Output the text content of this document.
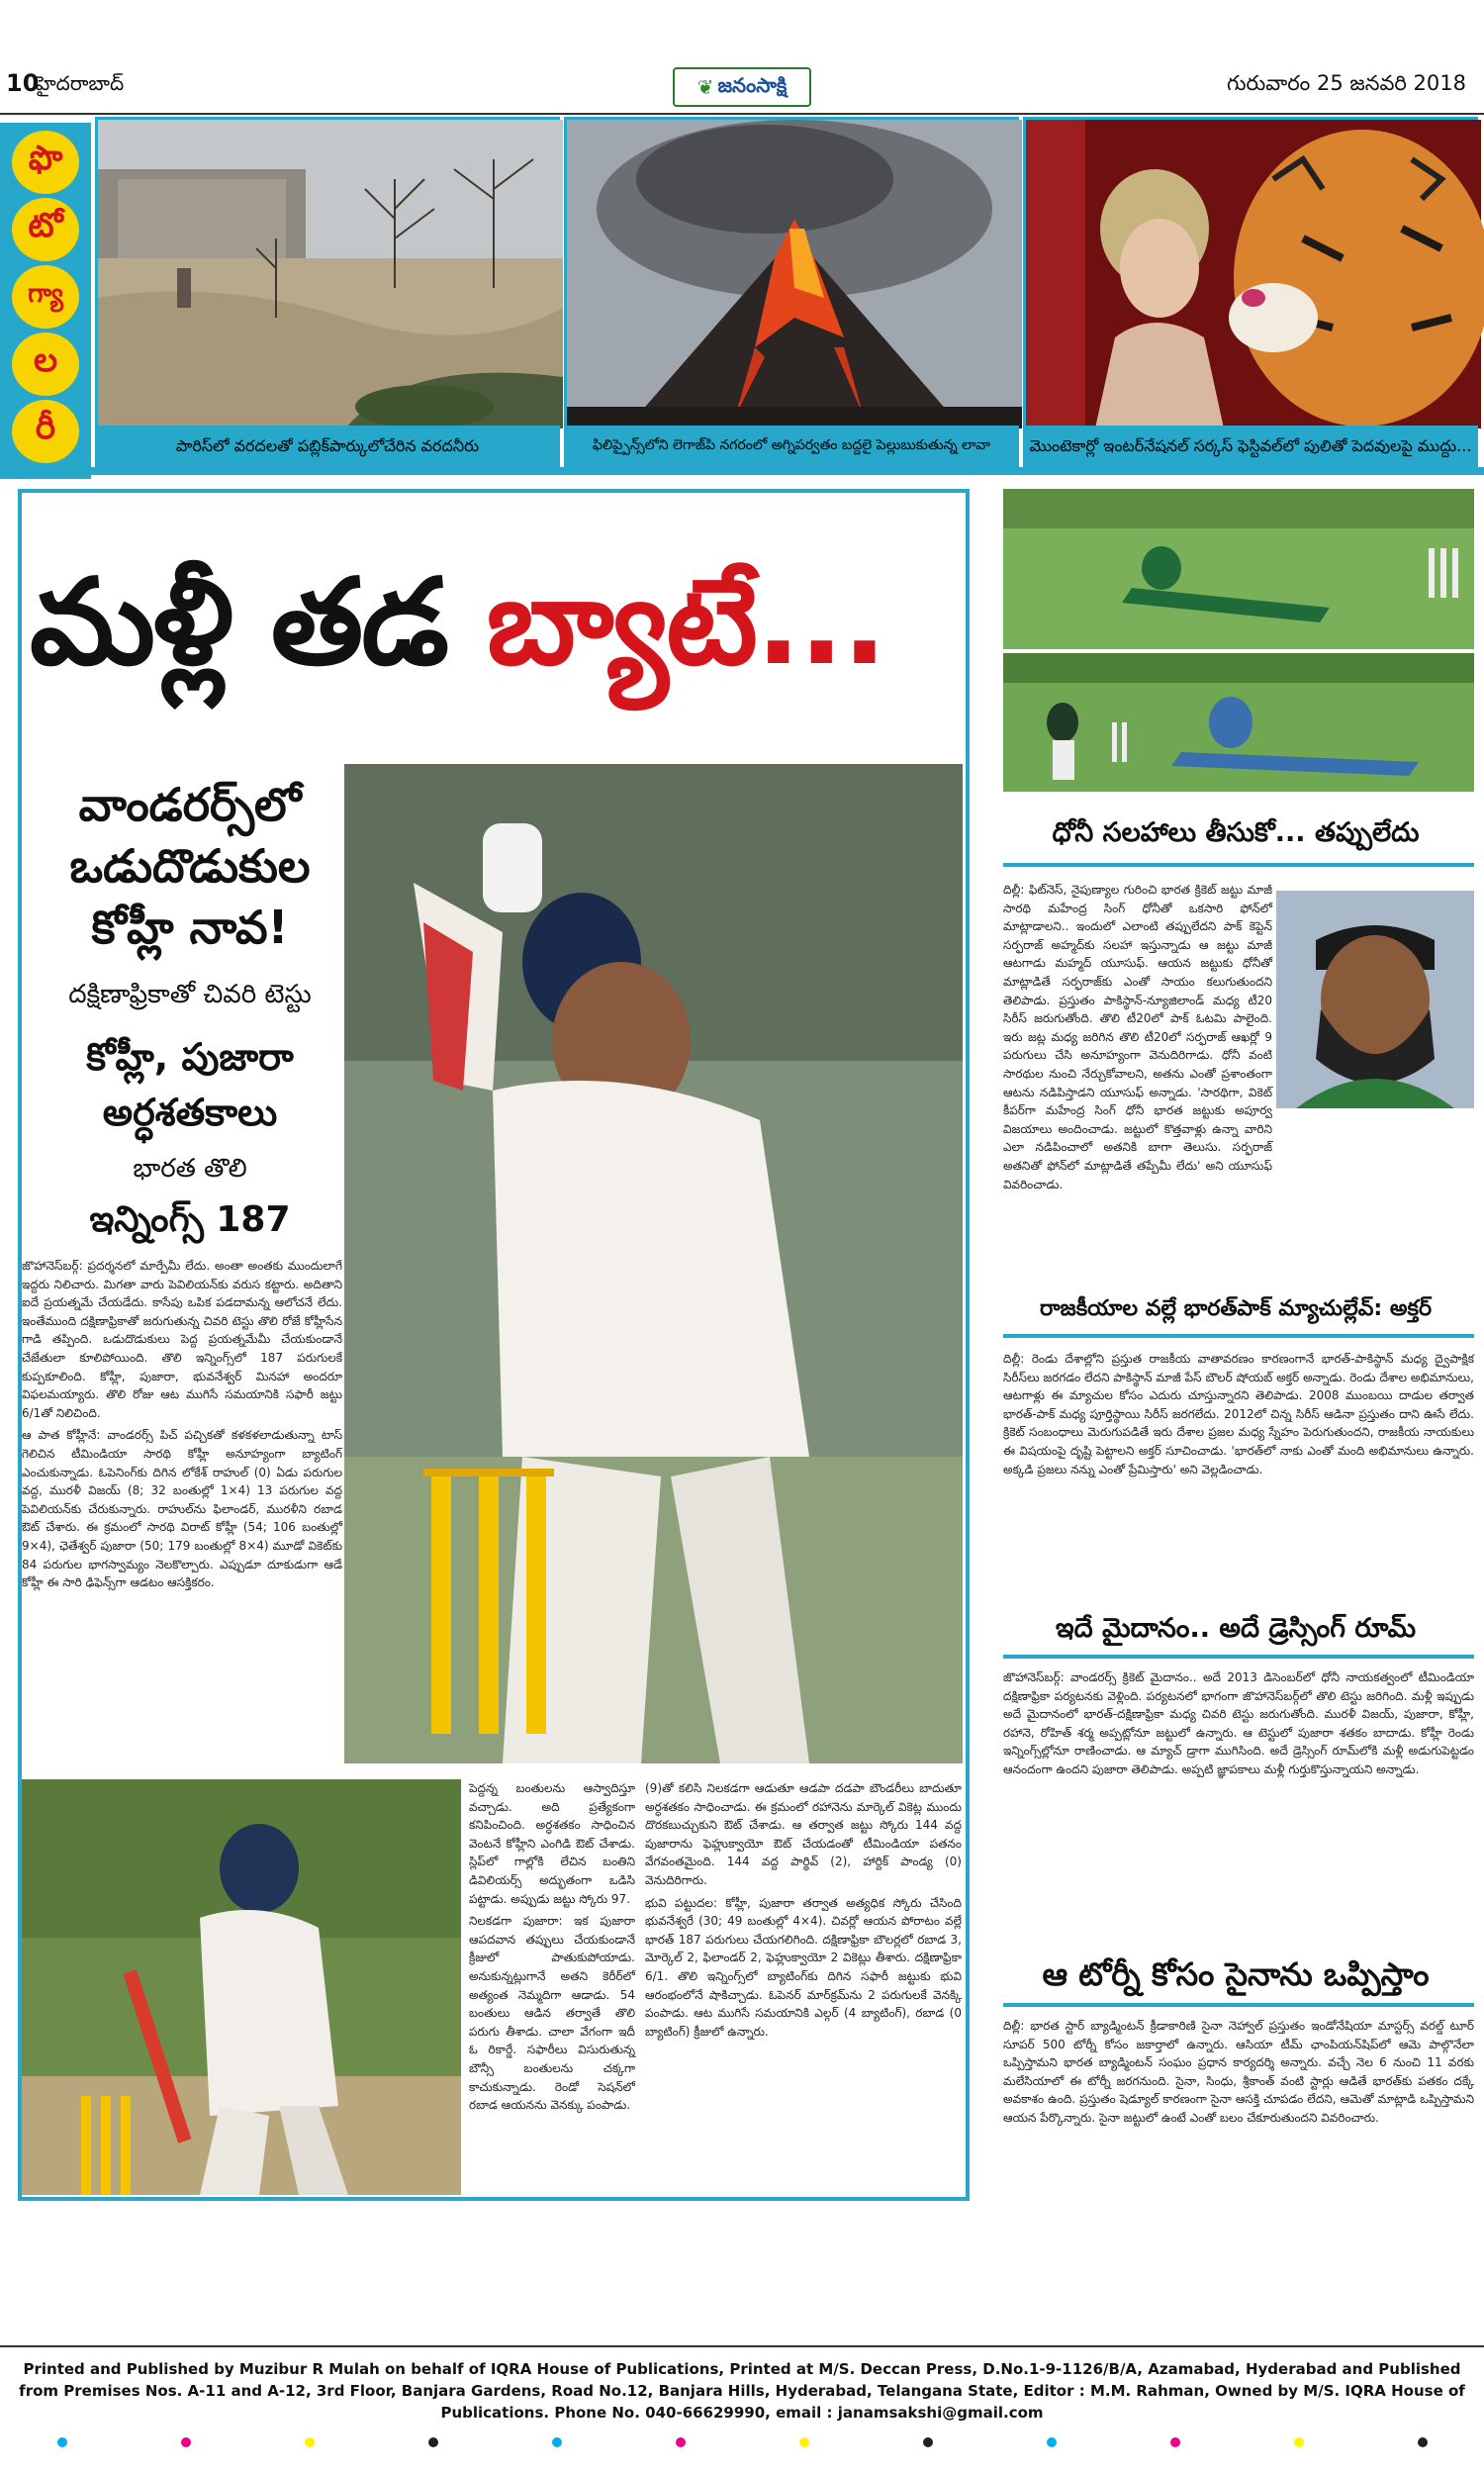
10
హైదరాబాద్	❦ జనంసాక్షి	గురువారం 25 జనవరి 2018
ఫొ
టో
గ్యా
ల
రీ	పారిస్‌లో వరదలతో పబ్లిక్‌పార్కులోచేరిన వరదనీరు	ఫిలిప్పైన్స్‌లోని లెగాజ్‌పి నగరంలో అగ్నిపర్వతం బద్దలై పెల్లుబుకుతున్న లావా	మొంటెకార్లో ఇంటర్‌నేషనల్ సర్కస్ ఫెస్టివల్‌లో పులితో పెదవులపై ముద్దు...
మళ్లీ తడ బ్యాటే...
వాండరర్స్‌లో
ఒడుదొడుకుల
కోహ్లీ నావ!
దక్షిణాఫ్రికాతో చివరి టెస్టు
కోహ్లీ, పుజారా
అర్ధశతకాలు
భారత తొలి
ఇన్నింగ్స్ 187

జొహానెస్‌బర్గ్: ప్రదర్శనలో మార్పేమీ లేదు. అంతా అంతకు ముందులాగే ఇద్దరు నిలిచారు. మిగతా వారు పెవిలియన్‌కు వరుస కట్టారు. అదితాని ఐదే ప్రయత్నమే చేయడేదు. కాసేపు ఒపిక పడదామన్న ఆలోచనే లేదు. ఇంతేముంది దక్షిణాఫ్రికాతో జరుగుతున్న చివరి టెస్టు తొలి రోజే కోహ్లీసేన గాడి తప్పింది. ఒడుదొడుకులు పెద్ద ప్రయత్నమేమీ చేయకుండానే చేజేతులా కూలిపోయింది. తొలి ఇన్నింగ్స్‌లో 187 పరుగులకే కుప్పకూలింది. కోహ్లీ, పుజారా, భువనేశ్వర్ మినహా అందరూ విఫలమయ్యారు. తొలి రోజు ఆట ముగిసే సమయానికి సఫారీ జట్టు 6/1తో నిలిచింది.

ఆ పాత కోహ్లీనే: వాండరర్స్ పిచ్ పచ్చికతో కళకళలాడుతున్నా టాస్ గెలిచిన టీమిండియా సారథి కోహ్లీ అనూహ్యంగా బ్యాటింగ్ ఎంచుకున్నాడు. ఓపెనింగ్‌కు దిగిన లోకేశ్ రాహుల్ (0) ఏడు పరుగుల వద్ద, మురళీ విజయ్ (8; 32 బంతుల్లో 1×4) 13 పరుగుల వద్ద పెవిలియన్‌కు చేరుకున్నారు. రాహుల్‌ను ఫిలాండర్, మురళీని రబాడ ఔట్ చేశారు. ఈ క్రమంలో సారథి విరాట్ కోహ్లీ (54; 106 బంతుల్లో 9×4), ఛెతేశ్వర్ పుజారా (50; 179 బంతుల్లో 8×4) మూడో వికెట్‌కు 84 పరుగుల భాగస్వామ్యం నెలకొల్పారు. ఎప్పుడూ దూకుడుగా ఆడే కోహ్లీ ఈ సారి ఢిఫెన్స్‌గా ఆడటం ఆసక్తికరం.

పెద్దన్న బంతులను ఆస్వాదిస్తూ వచ్చాడు. అది ప్రత్యేకంగా కనిపించింది. అర్ధశతకం సాధించిన వెంటనే కోహ్లీని ఎంగిడి ఔట్ చేశాడు. స్లిప్‌లో గాల్లోకి లేచిన బంతిని డివిలియర్స్ అద్భుతంగా ఒడిసి పట్టాడు. అప్పుడు జట్టు స్కోరు 97.

నిలకడగా పుజారా: ఇక పుజారా ఆపదవాన తప్పులు చేయకుండానే క్రీజులో పాతుకుపోయాడు. అనుకున్నట్లుగానే అతని కెరీర్‌లో అత్యంత నెమ్మదిగా ఆడాడు. 54 బంతులు ఆడిన తర్వాతే తొలి పరుగు తీశాడు. చాలా వేగంగా ఇదీ ఓ రికార్డే. సఫారీలు విసురుతున్న బౌన్సీ బంతులను చక్కగా కాచుకున్నాడు. రెండో సెషన్‌లో రబాడ ఆయనను వెనక్కు పంపాడు.

(9)తో కలిసి నిలకడగా ఆడుతూ ఆడపా దడపా బౌండరీలు బాదుతూ అర్ధశతకం సాధించాడు. ఈ క్రమంలో రహానెను మార్కెల్ వికెట్ల ముందు దొరకబుచ్చుకుని ఔట్ చేశాడు. ఆ తర్వాత జట్టు స్కోరు 144 వద్ద పుజారాను ఫెహ్లుక్వాయో ఔట్ చేయడంతో టీమిండియా పతనం వేగవంతమైంది. 144 వద్ద పార్థివ్ (2), హార్దిక్ పాండ్య (0) వెనుదిరిగారు.

భువి పట్టుదల: కోహ్లీ, పుజారా తర్వాత అత్యధిక స్కోరు చేసింది భువనేశ్వరే (30; 49 బంతుల్లో 4×4). చివర్లో ఆయన పోరాటం వల్లే భారత్ 187 పరుగులు చేయగలిగింది. దక్షిణాఫ్రికా బౌలర్లలో రబాడ 3, మోర్కెల్ 2, ఫిలాండర్ 2, ఫెహ్లుక్వాయో 2 వికెట్లు తీశారు. దక్షిణాఫ్రికా 6/1. తొలి ఇన్నింగ్స్‌లో బ్యాటింగ్‌కు దిగిన సఫారీ జట్టుకు భువి ఆరంభంలోనే షాకిచ్చాడు. ఓపెనర్ మార్‌క్రమ్‌ను 2 పరుగులకే వెనక్కి పంపాడు. ఆట ముగిసే సమయానికి ఎల్గర్ (4 బ్యాటింగ్), రబాడ (0 బ్యాటింగ్) క్రీజులో ఉన్నారు.

ధోనీ సలహాలు తీసుకో... తప్పులేదు

దిల్లీ: ఫిట్‌నెస్, నైపుణ్యాల గురించి భారత క్రికెట్ జట్టు మాజీ సారథి మహేంద్ర సింగ్ ధోనీతో ఒకసారి ఫోన్‌లో మాట్లాడాలని.. ఇందులో ఎలాంటి తప్పులేదని పాక్ కెప్టెన్ సర్ఫరాజ్ అహ్మద్‌కు సలహా ఇస్తున్నాడు ఆ జట్టు మాజీ ఆటగాడు మహ్మద్ యూసుఫ్. ఆయన జట్టుకు ధోనీతో మాట్లాడితే సర్ఫరాజ్‌కు ఎంతో సాయం కలుగుతుందని తెలిపాడు. ప్రస్తుతం పాకిస్థాన్-న్యూజిలాండ్ మధ్య టీ20 సిరీస్ జరుగుతోంది. తొలి టీ20లో పాక్ ఓటమి పాలైంది. ఇరు జట్ల మధ్య జరిగిన తొలి టీ20లో సర్ఫరాజ్ ఆఖర్లో 9 పరుగులు చేసి అనూహ్యంగా వెనుదిరిగాడు. ధోనీ వంటి సారథుల నుంచి నేర్చుకోవాలని, అతను ఎంతో ప్రశాంతంగా ఆటను నడిపిస్తాడని యూసుఫ్ అన్నాడు. 'సారథిగా, వికెట్ కీపర్‌గా మహేంద్ర సింగ్ ధోనీ భారత జట్టుకు అపూర్వ విజయాలు అందించాడు. జట్టులో కొత్తవాళ్లు ఉన్నా వారిని ఎలా నడిపించాలో అతనికి బాగా తెలుసు. సర్ఫరాజ్ అతనితో ఫోన్‌లో మాట్లాడితే తప్పేమీ లేదు' అని యూసుఫ్ వివరించాడు.

రాజకీయాల వల్లే భారత్‌పాక్ మ్యాచుల్లేవ్: అక్తర్

దిల్లీ: రెండు దేశాల్లోని ప్రస్తుత రాజకీయ వాతావరణం కారణంగానే భారత్-పాకిస్థాన్ మధ్య ద్వైపాక్షిక సిరీస్‌లు జరగడం లేదని పాకిస్థాన్ మాజీ పేస్ బౌలర్ షోయబ్ అక్తర్ అన్నాడు. రెండు దేశాల అభిమానులు, ఆటగాళ్లు ఈ మ్యాచుల కోసం ఎదురు చూస్తున్నారని తెలిపాడు. 2008 ముంబయి దాడుల తర్వాత భారత్-పాక్ మధ్య పూర్తిస్థాయి సిరీస్ జరగలేదు. 2012లో చిన్న సిరీస్ ఆడినా ప్రస్తుతం దాని ఊసే లేదు. క్రికెట్ సంబంధాలు మెరుగుపడితే ఇరు దేశాల ప్రజల మధ్య స్నేహం పెరుగుతుందని, రాజకీయ నాయకులు ఈ విషయంపై దృష్టి పెట్టాలని అక్తర్ సూచించాడు. 'భారత్‌లో నాకు ఎంతో మంది అభిమానులు ఉన్నారు. అక్కడి ప్రజలు నన్ను ఎంతో ప్రేమిస్తారు' అని వెల్లడించాడు.

ఇదే మైదానం.. అదే డ్రెస్సింగ్ రూమ్

జొహానెస్‌బర్గ్: వాండరర్స్ క్రికెట్ మైదానం.. అదే 2013 డిసెంబర్‌లో ధోనీ నాయకత్వంలో టీమిండియా దక్షిణాఫ్రికా పర్యటనకు వెళ్లింది. పర్యటనలో భాగంగా జొహానెస్‌బర్గ్‌లో తొలి టెస్టు జరిగింది. మళ్లీ ఇప్పుడు అదే మైదానంలో భారత్-దక్షిణాఫ్రికా మధ్య చివరి టెస్టు జరుగుతోంది. మురళీ విజయ్, పుజారా, కోహ్లీ, రహానె, రోహిత్ శర్మ అప్పట్లోనూ జట్టులో ఉన్నారు. ఆ టెస్టులో పుజారా శతకం బాదాడు. కోహ్లీ రెండు ఇన్నింగ్స్‌ల్లోనూ రాణించాడు. ఆ మ్యాచ్ డ్రాగా ముగిసింది. అదే డ్రెస్సింగ్ రూమ్‌లోకి మళ్లీ అడుగుపెట్టడం ఆనందంగా ఉందని పుజారా తెలిపాడు. అప్పటి జ్ఞాపకాలు మళ్లీ గుర్తుకొస్తున్నాయని అన్నాడు.

ఆ టోర్నీ కోసం సైనాను ఒప్పిస్తాం

దిల్లీ: భారత స్టార్ బ్యాడ్మింటన్ క్రీడాకారిణి సైనా నెహ్వాల్ ప్రస్తుతం ఇండోనేషియా మాస్టర్స్ వరల్డ్ టూర్ సూపర్ 500 టోర్నీ కోసం జకార్తాలో ఉన్నారు. ఆసియా టీమ్ ఛాంపియన్‌షిప్‌లో ఆమె పాల్గొనేలా ఒప్పిస్తామని భారత బ్యాడ్మింటన్ సంఘం ప్రధాన కార్యదర్శి అన్నారు. వచ్చే నెల 6 నుంచి 11 వరకు మలేసియాలో ఈ టోర్నీ జరగనుంది. సైనా, సింధు, శ్రీకాంత్ వంటి స్టార్లు ఆడితే భారత్‌కు పతకం దక్కే అవకాశం ఉంది. ప్రస్తుతం షెడ్యూల్ కారణంగా సైనా ఆసక్తి చూపడం లేదని, ఆమెతో మాట్లాడి ఒప్పిస్తామని ఆయన పేర్కొన్నారు. సైనా జట్టులో ఉంటే ఎంతో బలం చేకూరుతుందని వివరించారు.

Printed and Published by Muzibur R Mulah on behalf of IQRA House of Publications, Printed at M/S. Deccan Press, D.No.1-9-1126/B/A, Azamabad, Hyderabad and Published from Premises Nos. A-11 and A-12, 3rd Floor, Banjara Gardens, Road No.12, Banjara Hills, Hyderabad, Telangana State, Editor : M.M. Rahman, Owned by M/S. IQRA House of Publications. Phone No. 040-66629990, email : janamsakshi@gmail.com
